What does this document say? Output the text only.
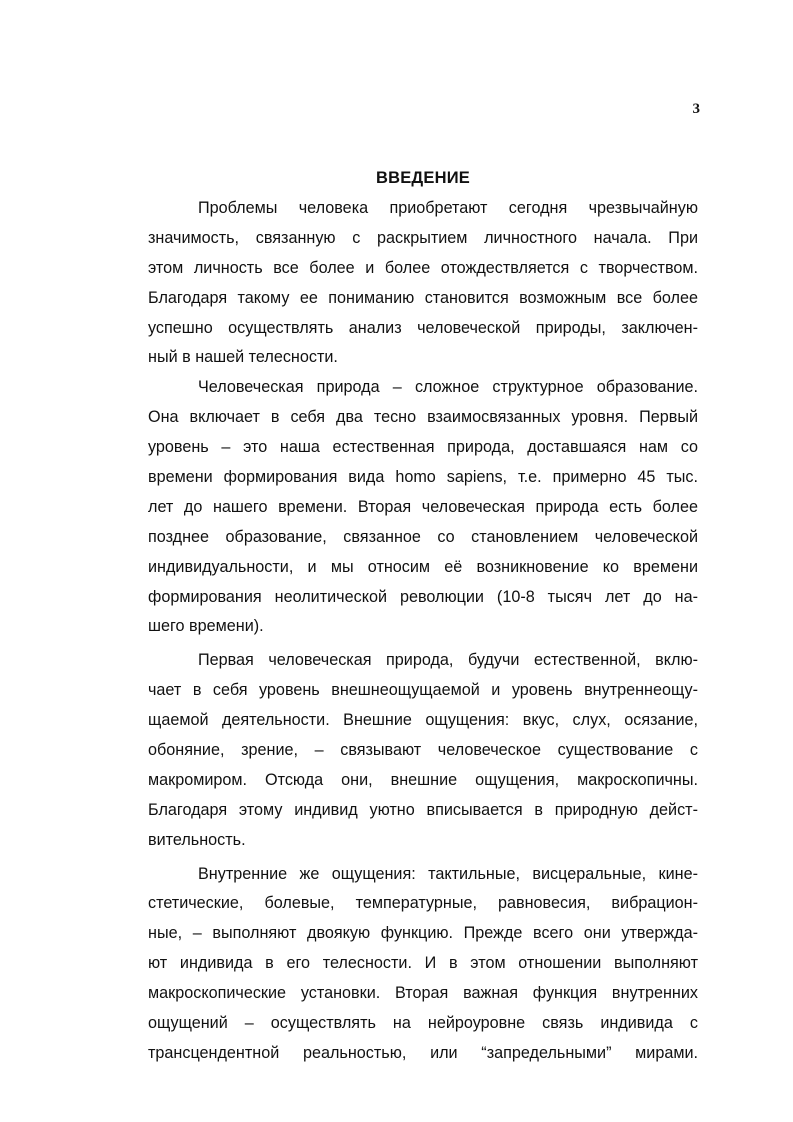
3
ВВЕДЕНИЕ
Проблемы человека приобретают сегодня чрезвычайную
значимость, связанную с раскрытием личностного начала. При
этом личность все более и более отождествляется с творчеством.
Благодаря такому ее пониманию становится возможным все более
успешно осуществлять анализ человеческой природы, заключен-
ный в нашей телесности.
Человеческая природа – сложное структурное образование.
Она включает в себя два тесно взаимосвязанных уровня. Первый
уровень – это наша естественная природа, доставшаяся нам со
времени формирования вида homo sapiens, т.е. примерно 45 тыс.
лет до нашего времени. Вторая человеческая природа есть более
позднее образование, связанное со становлением человеческой
индивидуальности, и мы относим её возникновение ко времени
формирования неолитической революции (10-8 тысяч лет до на-
шего времени).
Первая человеческая природа, будучи естественной, вклю-
чает в себя уровень внешнеощущаемой и уровень внутреннеощу-
щаемой деятельности. Внешние ощущения: вкус, слух, осязание,
обоняние, зрение, – связывают человеческое существование с
макромиром. Отсюда они, внешние ощущения, макроскопичны.
Благодаря этому индивид уютно вписывается в природную дейст-
вительность.
Внутренние же ощущения: тактильные, висцеральные, кине-
стетические, болевые, температурные, равновесия, вибрацион-
ные, – выполняют двоякую функцию. Прежде всего они утвержда-
ют индивида в его телесности. И в этом отношении выполняют
макроскопические установки. Вторая важная функция внутренних
ощущений – осуществлять на нейроуровне связь индивида с
трансцендентной реальностью, или “запредельными” мирами.
